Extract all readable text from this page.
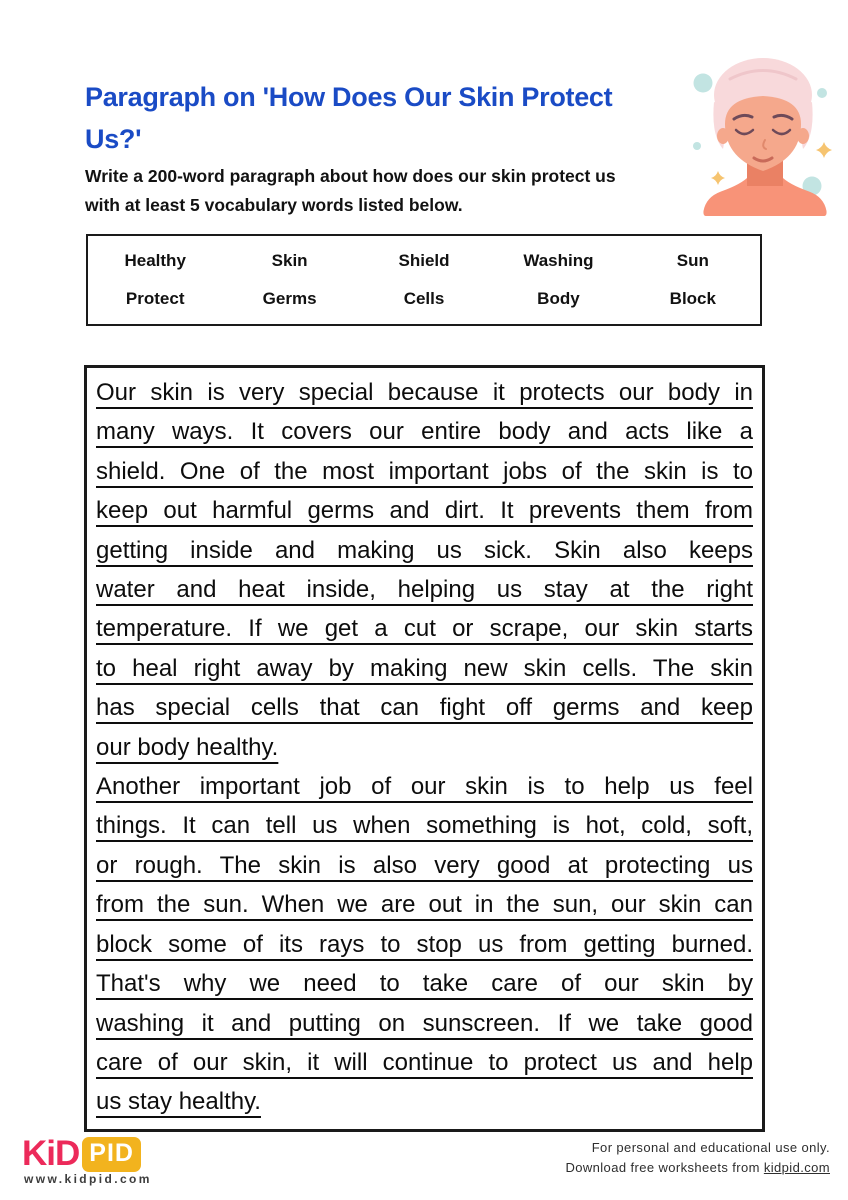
Paragraph on 'How Does Our Skin Protect
Us?'
Write a 200-word paragraph about how does our skin protect us
with at least 5 vocabulary words listed below.
Healthy	Skin	Shield	Washing	Sun
Protect	Germs	Cells	Body	Block
Our skin is very special because it protects our body in
many ways. It covers our entire body and acts like a
shield. One of the most important jobs of the skin is to
keep out harmful germs and dirt. It prevents them from
getting inside and making us sick. Skin also keeps
water and heat inside, helping us stay at the right
temperature. If we get a cut or scrape, our skin starts
to heal right away by making new skin cells. The skin
has special cells that can fight off germs and keep
our body healthy.
Another important job of our skin is to help us feel
things. It can tell us when something is hot, cold, soft,
or rough. The skin is also very good at protecting us
from the sun. When we are out in the sun, our skin can
block some of its rays to stop us from getting burned.
That's why we need to take care of our skin by
washing it and putting on sunscreen. If we take good
care of our skin, it will continue to protect us and help
us stay healthy.
KiD PID
www.kidpid.com
For personal and educational use only.
Download free worksheets from kidpid.com
